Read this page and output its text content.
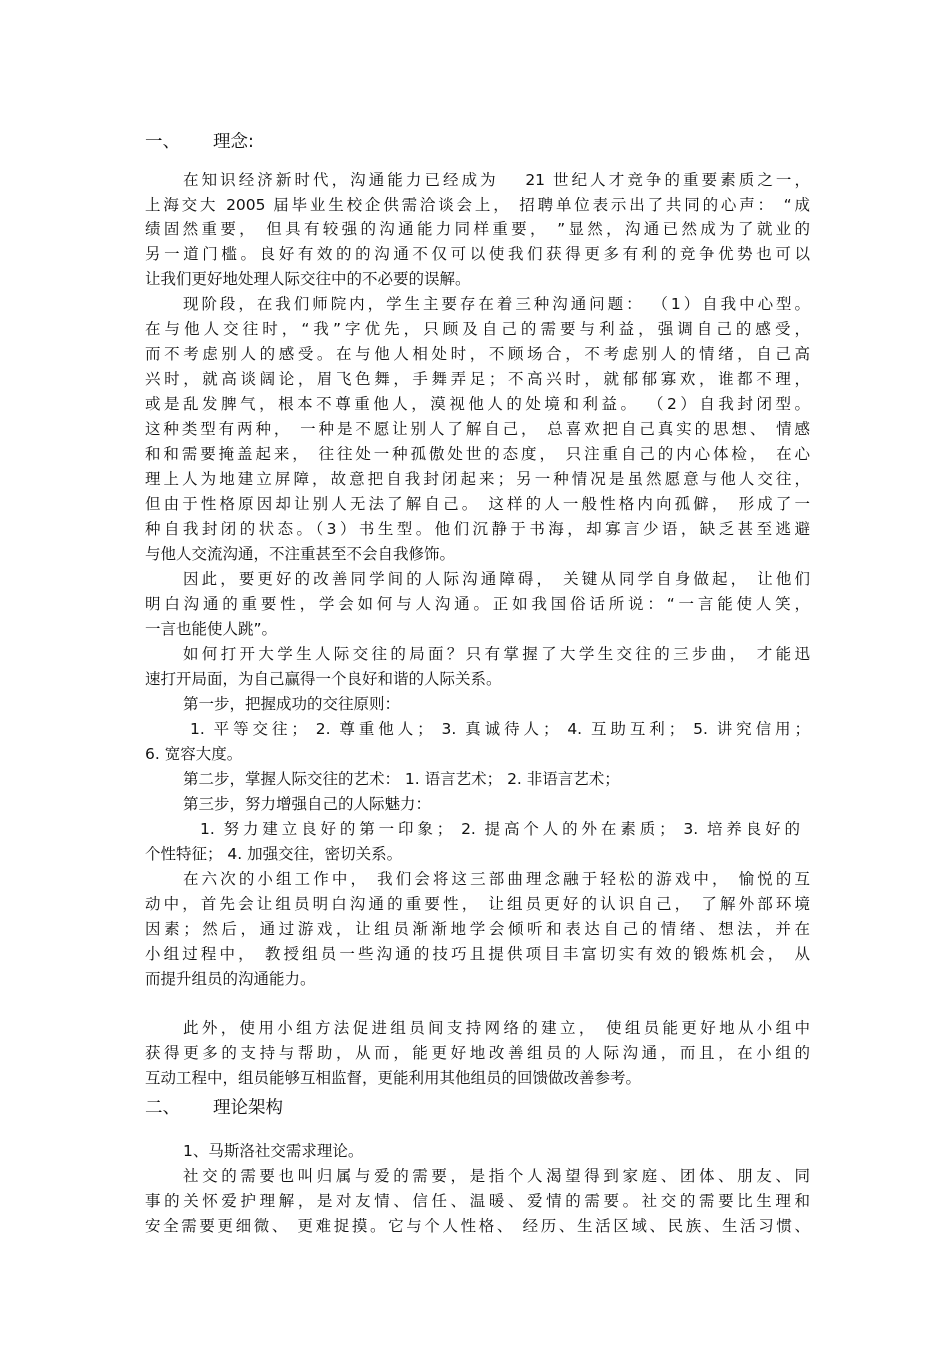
一、 理念:
在知识经济新时代，沟通能力已经成为　 21 世纪人才竞争的重要素质之一，
上海交大 2005 届毕业生校企供需洽谈会上， 招聘单位表示出了共同的心声： “成
绩固然重要， 但具有较强的沟通能力同样重要， ”显然，沟通已然成为了就业的
另一道门槛。良好有效的的沟通不仅可以使我们获得更多有利的竞争优势也可以
让我们更好地处理人际交往中的不必要的误解。
现阶段，在我们师院内，学生主要存在着三种沟通问题： （1）自我中心型。
在与他人交往时，“我”字优先，只顾及自己的需要与利益，强调自己的感受，
而不考虑别人的感受。在与他人相处时，不顾场合，不考虑别人的情绪，自己高
兴时，就高谈阔论，眉飞色舞，手舞弄足；不高兴时，就郁郁寡欢，谁都不理，
或是乱发脾气，根本不尊重他人，漠视他人的处境和利益。 （2）自我封闭型。
这种类型有两种， 一种是不愿让别人了解自己， 总喜欢把自己真实的思想、 情感
和和需要掩盖起来， 往往处一种孤傲处世的态度， 只注重自己的内心体检， 在心
理上人为地建立屏障，故意把自我封闭起来；另一种情况是虽然愿意与他人交往，
但由于性格原因却让别人无法了解自己。 这样的人一般性格内向孤僻， 形成了一
种自我封闭的状态。（3）书生型。他们沉静于书海，却寡言少语，缺乏甚至逃避
与他人交流沟通，不注重甚至不会自我修饰。
因此，要更好的改善同学间的人际沟通障碍， 关键从同学自身做起， 让他们
明白沟通的重要性，学会如何与人沟通。正如我国俗话所说：“一言能使人笑，
一言也能使人跳”。
如何打开大学生人际交往的局面？只有掌握了大学生交往的三步曲， 才能迅
速打开局面，为自己赢得一个良好和谐的人际关系。
第一步，把握成功的交往原则：
1. 平等交往； 2. 尊重他人； 3. 真诚待人； 4. 互助互利； 5. 讲究信用；
6. 宽容大度。
第二步，掌握人际交往的艺术： 1. 语言艺术； 2. 非语言艺术；
第三步，努力增强自己的人际魅力：
1. 努力建立良好的第一印象； 2. 提高个人的外在素质； 3. 培养良好的
个性特征； 4. 加强交往，密切关系。
在六次的小组工作中， 我们会将这三部曲理念融于轻松的游戏中， 愉悦的互
动中，首先会让组员明白沟通的重要性， 让组员更好的认识自己， 了解外部环境
因素；然后，通过游戏，让组员渐渐地学会倾听和表达自己的情绪、想法，并在
小组过程中， 教授组员一些沟通的技巧且提供项目丰富切实有效的锻炼机会， 从
而提升组员的沟通能力。
此外，使用小组方法促进组员间支持网络的建立， 使组员能更好地从小组中
获得更多的支持与帮助，从而，能更好地改善组员的人际沟通，而且，在小组的
互动工程中，组员能够互相监督，更能利用其他组员的回馈做改善参考。
二、 理论架构
1、马斯洛社交需求理论。
社交的需要也叫归属与爱的需要，是指个人渴望得到家庭、团体、朋友、同
事的关怀爱护理解，是对友情、信任、温暖、爱情的需要。社交的需要比生理和
安全需要更细微、 更难捉摸。它与个人性格、 经历、生活区域、民族、生活习惯、
